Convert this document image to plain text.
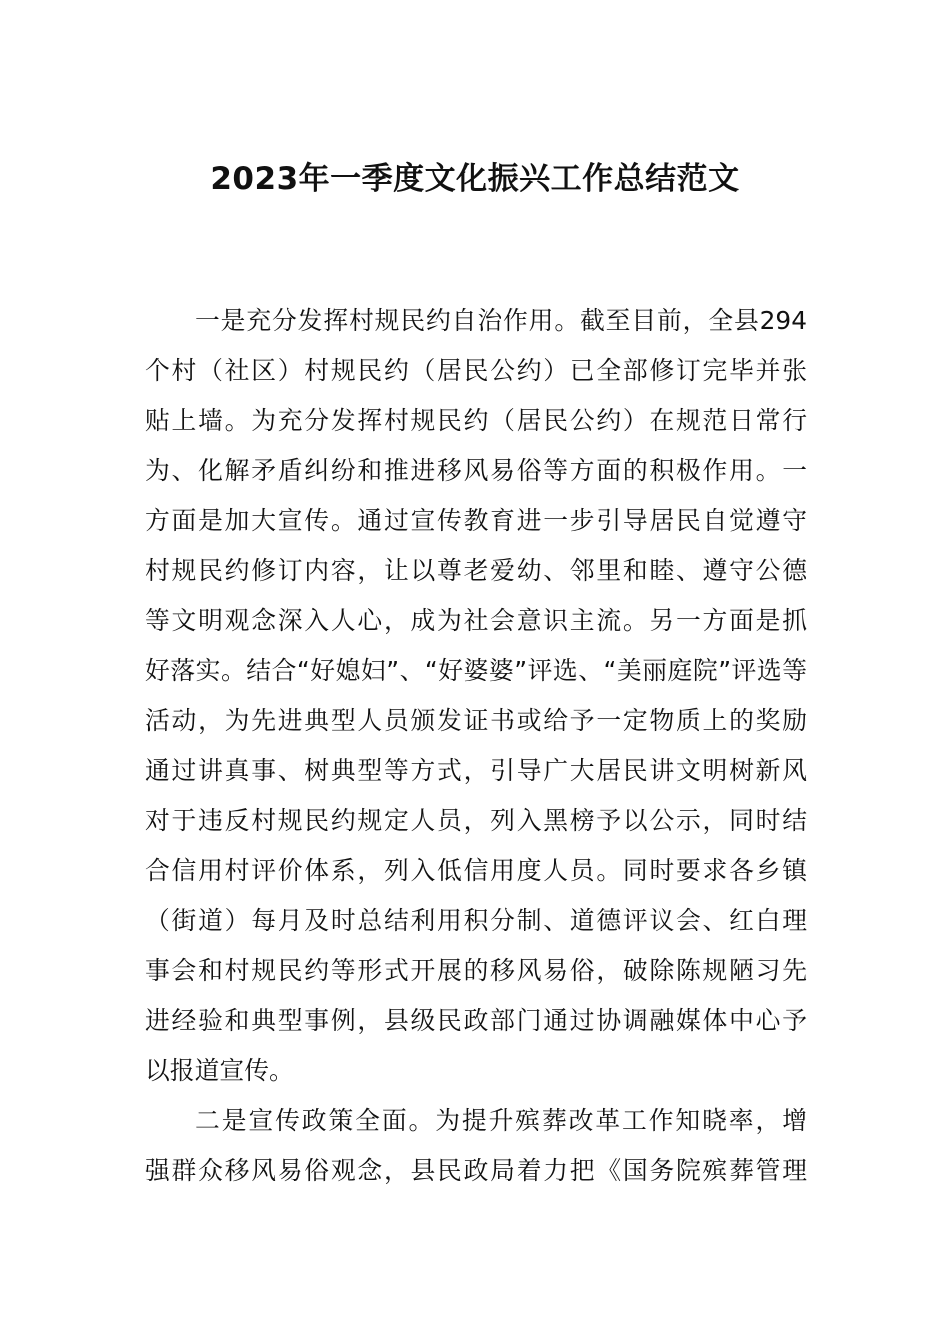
2023年一季度文化振兴工作总结范文
一是充分发挥村规民约自治作用。截至目前，全县294
个村（社区）村规民约（居民公约）已全部修订完毕并张
贴上墙。为充分发挥村规民约（居民公约）在规范日常行
为、化解矛盾纠纷和推进移风易俗等方面的积极作用。一
方面是加大宣传。通过宣传教育进一步引导居民自觉遵守
村规民约修订内容，让以尊老爱幼、邻里和睦、遵守公德
等文明观念深入人心，成为社会意识主流。另一方面是抓
好落实。结合“好媳妇”、“好婆婆”评选、“美丽庭院”评选等
活动，为先进典型人员颁发证书或给予一定物质上的奖励
通过讲真事、树典型等方式，引导广大居民讲文明树新风
对于违反村规民约规定人员，列入黑榜予以公示，同时结
合信用村评价体系，列入低信用度人员。同时要求各乡镇
（街道）每月及时总结利用积分制、道德评议会、红白理
事会和村规民约等形式开展的移风易俗，破除陈规陋习先
进经验和典型事例，县级民政部门通过协调融媒体中心予
以报道宣传。
二是宣传政策全面。为提升殡葬改革工作知晓率，增
强群众移风易俗观念，县民政局着力把《国务院殡葬管理
